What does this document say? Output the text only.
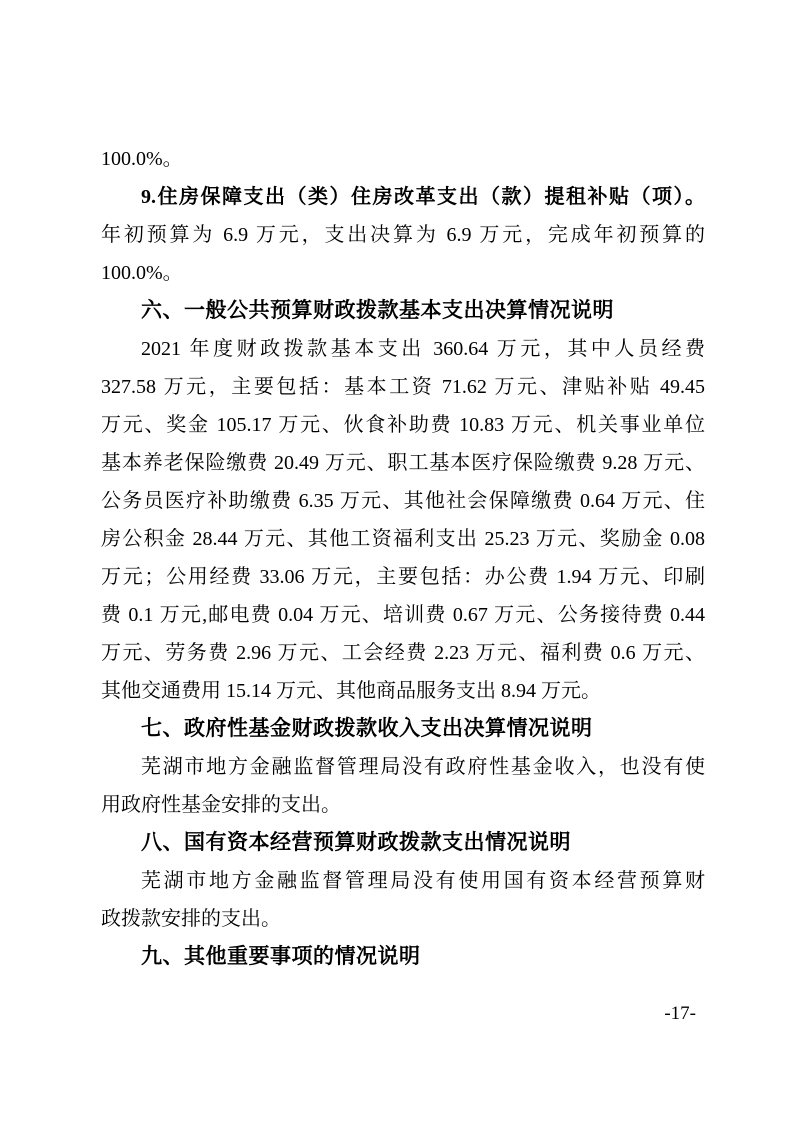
100.0%。
9.住房保障支出（类）住房改革支出（款）提租补贴（项）。
年初预算为 6.9 万元，支出决算为 6.9 万元，完成年初预算的
100.0%。
六、一般公共预算财政拨款基本支出决算情况说明
2021 年度财政拨款基本支出 360.64 万元，其中人员经费
327.58 万元，主要包括：基本工资 71.62 万元、津贴补贴 49.45
万元、奖金 105.17 万元、伙食补助费 10.83 万元、机关事业单位
基本养老保险缴费 20.49 万元、职工基本医疗保险缴费 9.28 万元、
公务员医疗补助缴费 6.35 万元、其他社会保障缴费 0.64 万元、住
房公积金 28.44 万元、其他工资福利支出 25.23 万元、奖励金 0.08
万元；公用经费 33.06 万元，主要包括：办公费 1.94 万元、印刷
费 0.1 万元,邮电费 0.04 万元、培训费 0.67 万元、公务接待费 0.44
万元、劳务费 2.96 万元、工会经费 2.23 万元、福利费 0.6 万元、
其他交通费用 15.14 万元、其他商品服务支出 8.94 万元。
七、政府性基金财政拨款收入支出决算情况说明
芜湖市地方金融监督管理局没有政府性基金收入，也没有使
用政府性基金安排的支出。
八、国有资本经营预算财政拨款支出情况说明
芜湖市地方金融监督管理局没有使用国有资本经营预算财
政拨款安排的支出。
九、其他重要事项的情况说明
-17-
